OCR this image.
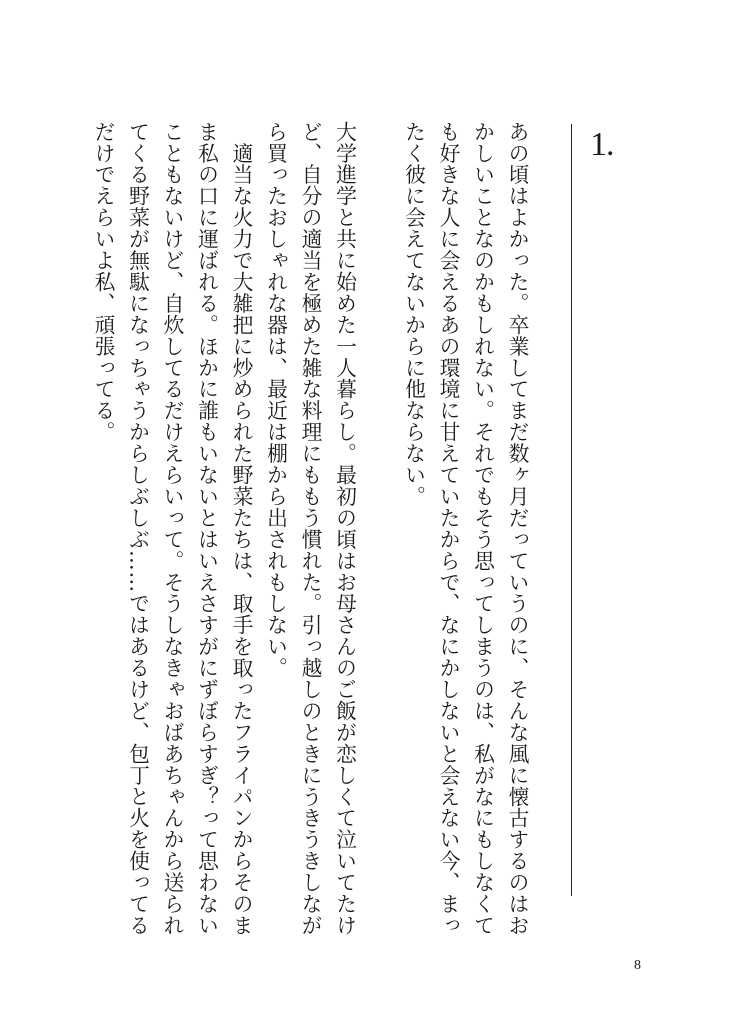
1.

あの頃はよかった。卒業してまだ数ヶ月だっていうのに、そんな風に懐古するのはおかしいことなのかもしれない。それでもそう思ってしまうのは、私がなにもしなくても好きな人に会えるあの環境に甘えていたからで、なにかしないと会えない今、まったく彼に会えてないからに他ならない。

大学進学と共に始めた一人暮らし。最初の頃はお母さんのご飯が恋しくて泣いてたけど、自分の適当を極めた雑な料理にももう慣れた。引っ越しのときにうきうきしながら買ったおしゃれな器は、最近は棚から出されもしない。

　適当な火力で大雑把に炒められた野菜たちは、取手を取ったフライパンからそのまま私の口に運ばれる。ほかに誰もいないとはいえさすがにずぼらすぎ？って思わないこともないけど、自炊してるだけえらいって。そうしなきゃおばあちゃんから送られてくる野菜が無駄になっちゃうからしぶしぶ……ではあるけど、包丁と火を使ってるだけでえらいよ私、頑張ってる。

8
